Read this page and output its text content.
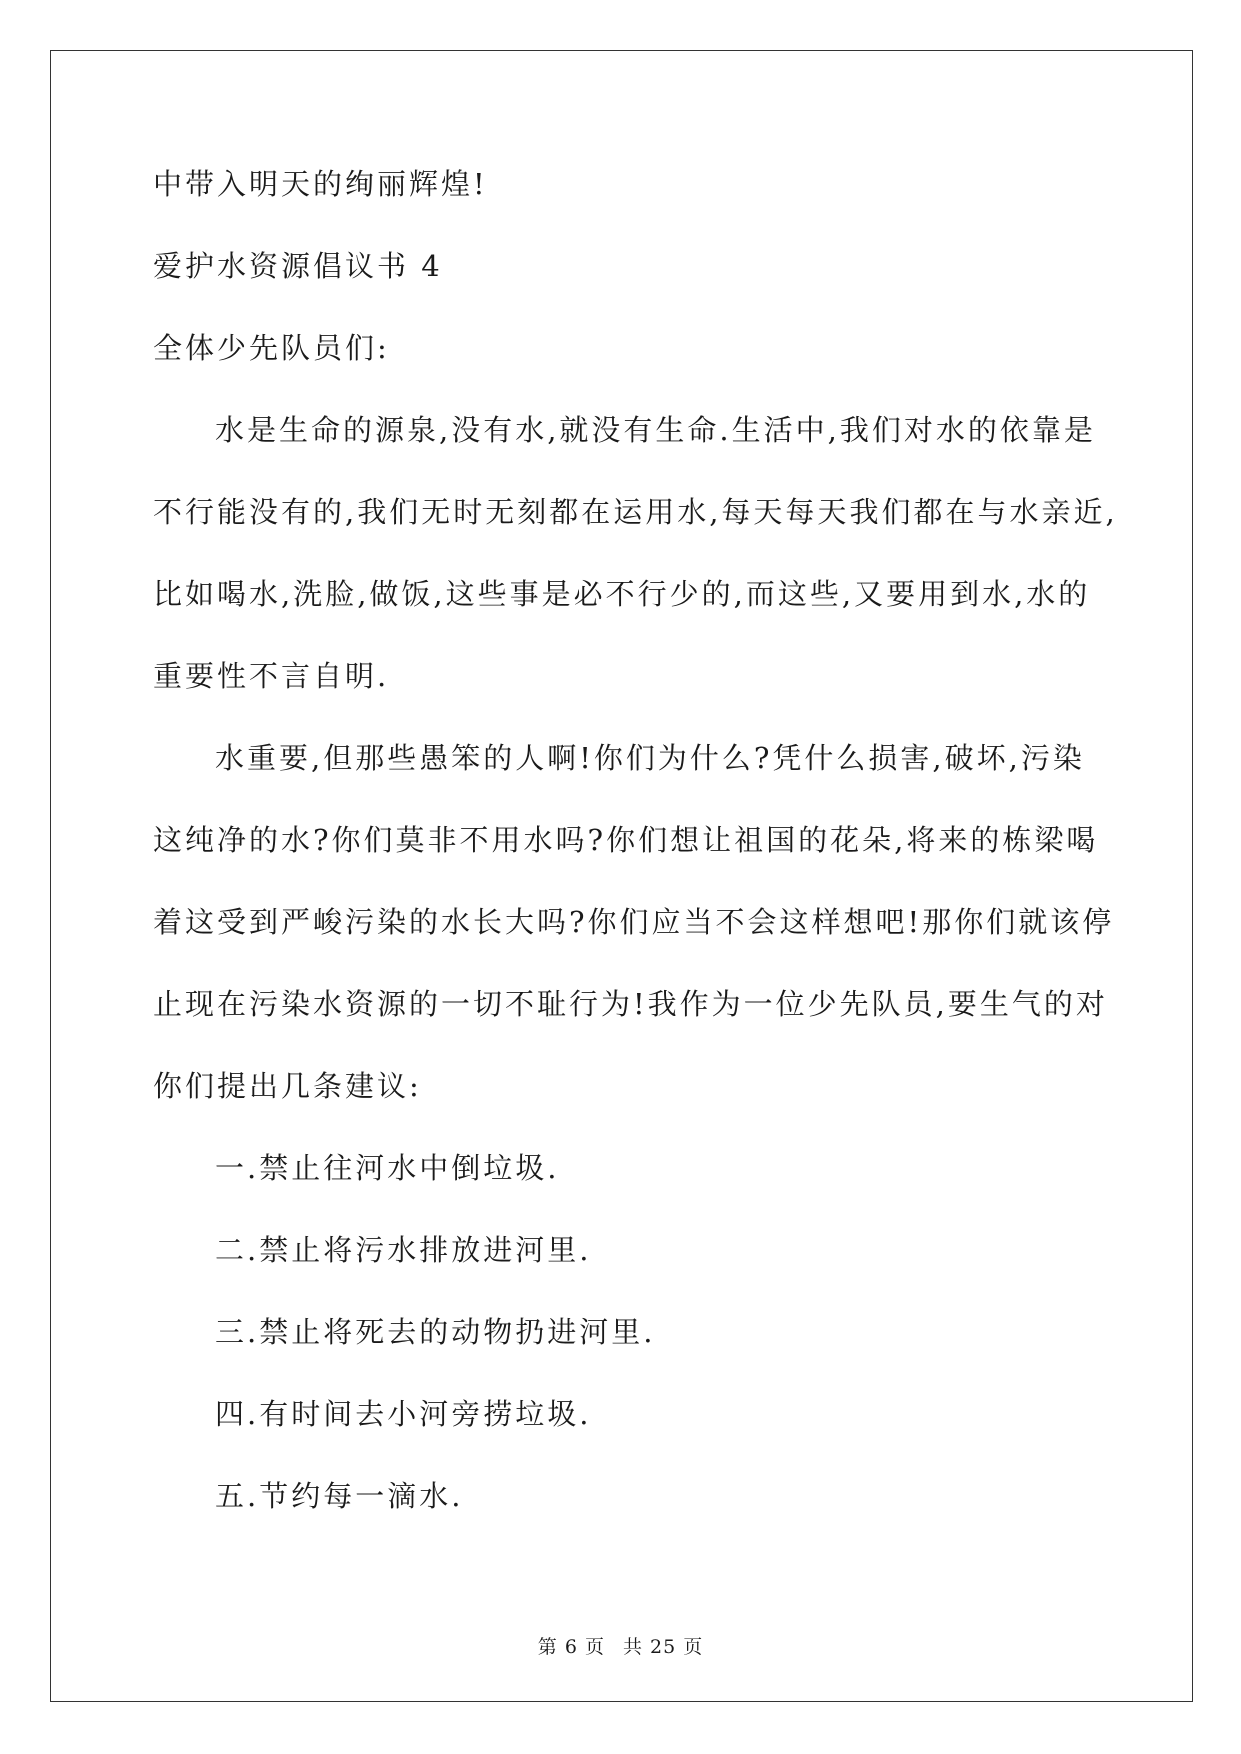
中带入明天的绚丽辉煌!
爱护水资源倡议书 4
全体少先队员们:
水是生命的源泉,没有水,就没有生命.生活中,我们对水的依靠是
不行能没有的,我们无时无刻都在运用水,每天每天我们都在与水亲近,
比如喝水,洗脸,做饭,这些事是必不行少的,而这些,又要用到水,水的
重要性不言自明.
水重要,但那些愚笨的人啊!你们为什么?凭什么损害,破坏,污染
这纯净的水?你们莫非不用水吗?你们想让祖国的花朵,将来的栋梁喝
着这受到严峻污染的水长大吗?你们应当不会这样想吧!那你们就该停
止现在污染水资源的一切不耻行为!我作为一位少先队员,要生气的对
你们提出几条建议:
一.禁止往河水中倒垃圾.
二.禁止将污水排放进河里.
三.禁止将死去的动物扔进河里.
四.有时间去小河旁捞垃圾.
五.节约每一滴水.
第 6 页 共 25 页
